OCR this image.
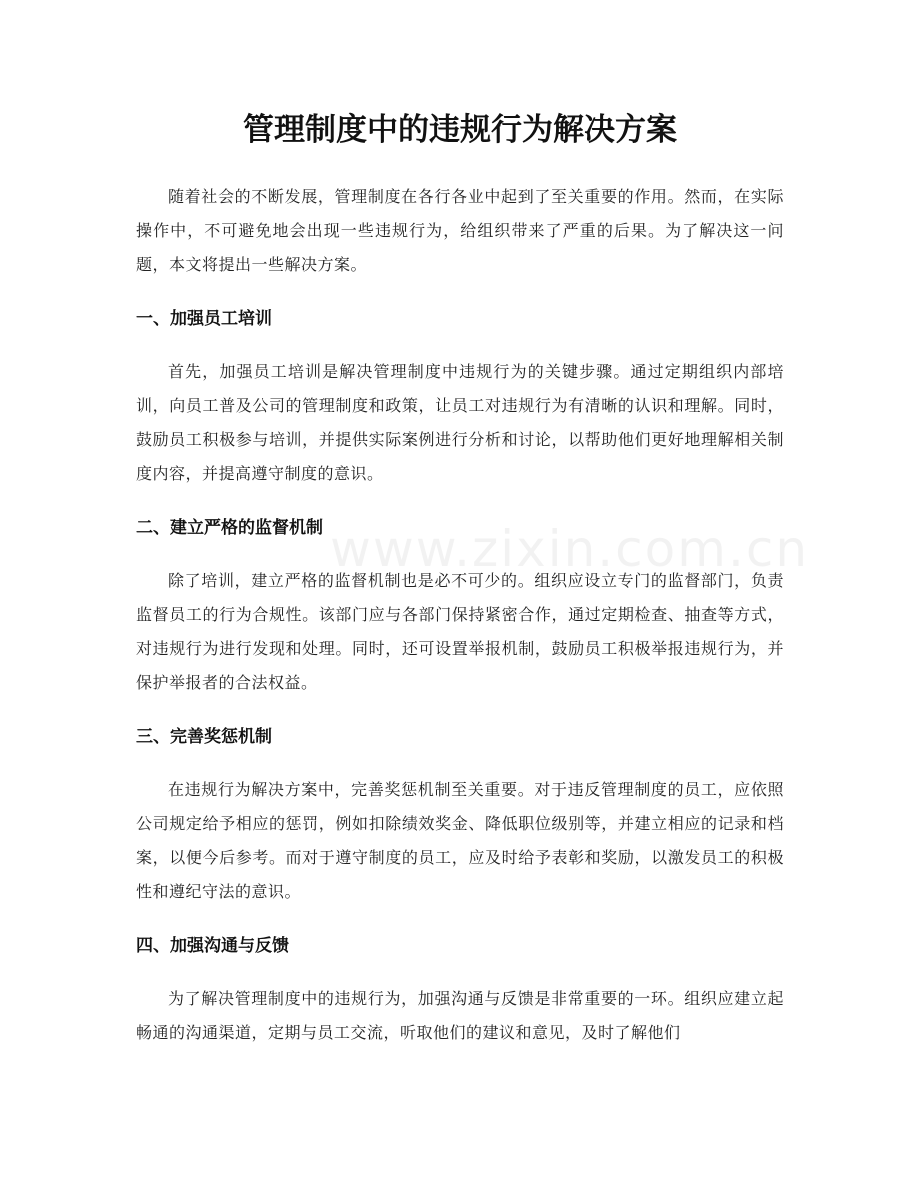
www.zixin.com.cn
管理制度中的违规行为解决方案

随着社会的不断发展，管理制度在各行各业中起到了至关重要的作用。然而，在实际操作中，不可避免地会出现一些违规行为，给组织带来了严重的后果。为了解决这一问题，本文将提出一些解决方案。

一、加强员工培训

首先，加强员工培训是解决管理制度中违规行为的关键步骤。通过定期组织内部培训，向员工普及公司的管理制度和政策，让员工对违规行为有清晰的认识和理解。同时，鼓励员工积极参与培训，并提供实际案例进行分析和讨论，以帮助他们更好地理解相关制度内容，并提高遵守制度的意识。

二、建立严格的监督机制

除了培训，建立严格的监督机制也是必不可少的。组织应设立专门的监督部门，负责监督员工的行为合规性。该部门应与各部门保持紧密合作，通过定期检查、抽查等方式，对违规行为进行发现和处理。同时，还可设置举报机制，鼓励员工积极举报违规行为，并保护举报者的合法权益。

三、完善奖惩机制

在违规行为解决方案中，完善奖惩机制至关重要。对于违反管理制度的员工，应依照公司规定给予相应的惩罚，例如扣除绩效奖金、降低职位级别等，并建立相应的记录和档案，以便今后参考。而对于遵守制度的员工，应及时给予表彰和奖励，以激发员工的积极性和遵纪守法的意识。

四、加强沟通与反馈

为了解决管理制度中的违规行为，加强沟通与反馈是非常重要的一环。组织应建立起畅通的沟通渠道，定期与员工交流，听取他们的建议和意见，及时了解他们
